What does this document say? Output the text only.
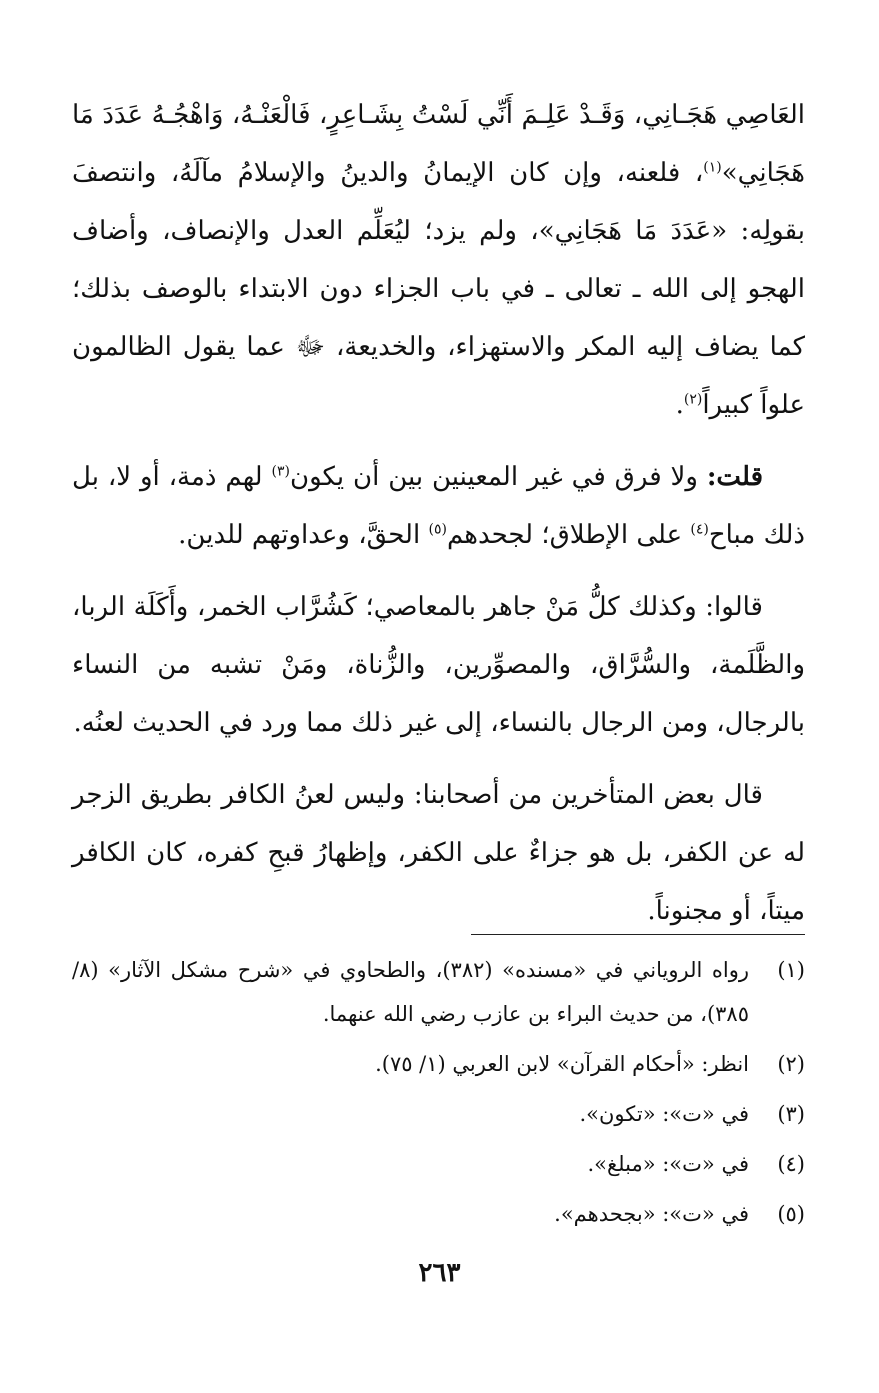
العَاصِي هَجَـانِي، وَقَـدْ عَلِـمَ أَنِّي لَسْتُ بِشَـاعِرٍ، فَالْعَنْـهُ، وَاهْجُـهُ عَدَدَ مَا هَجَانِي»$^{(١)}$، فلعنه، وإن كان الإيمانُ والدينُ والإسلامُ مآلَهُ، وانتصفَ بقولِه: «عَدَدَ مَا هَجَانِي»، ولم يزد؛ ليُعَلِّم العدل والإنصاف، وأضاف الهجو إلى الله ـ تعالى ـ في باب الجزاء دون الابتداء بالوصف بذلك؛ كما يضاف إليه المكر والاستهزاء، والخديعة، ﷻ عما يقول الظالمون علواً كبيراً$^{(٢)}$.

قلت: ولا فرق في غير المعينين بين أن يكون$^{(٣)}$ لهم ذمة، أو لا، بل ذلك مباح$^{(٤)}$ على الإطلاق؛ لجحدهم$^{(٥)}$ الحقَّ، وعداوتهم للدين.

قالوا: وكذلك كلُّ مَنْ جاهر بالمعاصي؛ كَشُرَّاب الخمر، وأَكَلَة الربا، والظَّلَمة، والسُّرَّاق، والمصوِّرين، والزُّناة، ومَنْ تشبه من النساء بالرجال، ومن الرجال بالنساء، إلى غير ذلك مما ورد في الحديث لعنُه.

قال بعض المتأخرين من أصحابنا: وليس لعنُ الكافر بطريق الزجر له عن الكفر، بل هو جزاءٌ على الكفر، وإظهارُ قبحِ كفره، كان الكافر ميتاً، أو مجنوناً.

(١)
رواه الروياني في «مسنده» (٣٨٢)، والطحاوي في «شرح مشكل الآثار» (٨/ ٣٨٥)، من حديث البراء بن عازب رضي الله عنهما.
(٢)
انظر: «أحكام القرآن» لابن العربي (١/ ٧٥).
(٣)
في «ت»: «تكون».
(٤)
في «ت»: «مبلغ».
(٥)
في «ت»: «بجحدهم».
٢٦٣
